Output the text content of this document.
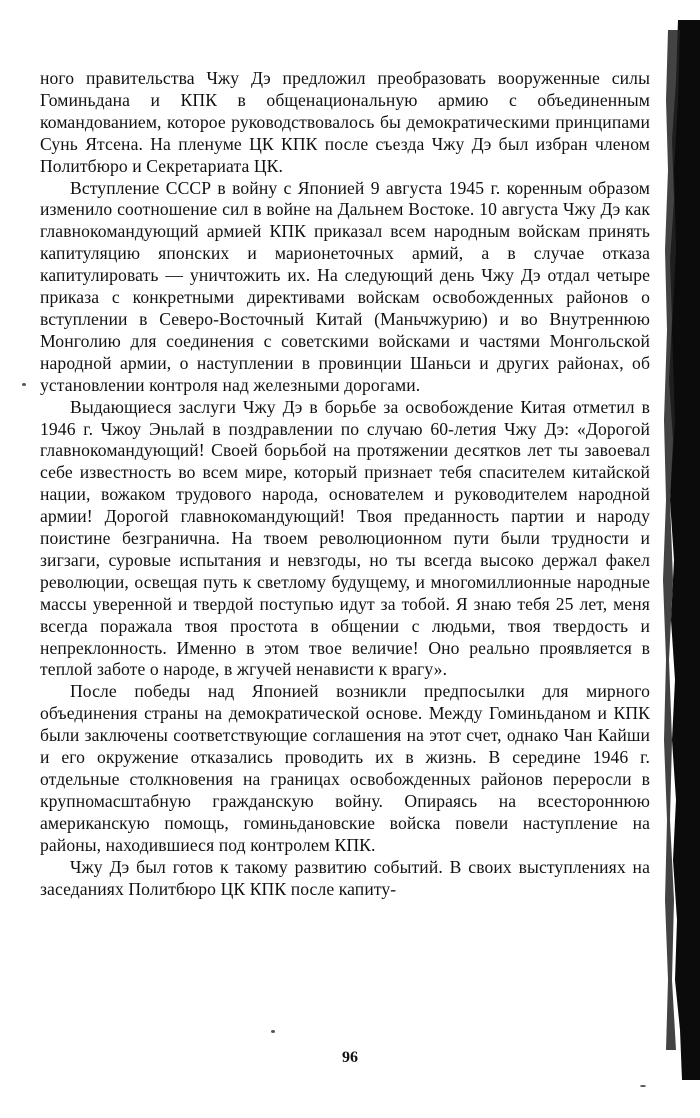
ного правительства Чжу Дэ предложил преобразовать вооруженные силы Гоминьдана и КПК в общенациональную армию с объединенным командованием, которое руководствовалось бы демократическими принципами Сунь Ятсена. На пленуме ЦК КПК после съезда Чжу Дэ был избран членом Политбюро и Секретариата ЦК.

Вступление СССР в войну с Японией 9 августа 1945 г. коренным образом изменило соотношение сил в войне на Дальнем Востоке. 10 августа Чжу Дэ как главнокомандующий армией КПК приказал всем народным войскам принять капитуляцию японских и марионеточных армий, а в случае отказа капитулировать — уничтожить их. На следующий день Чжу Дэ отдал четыре приказа с конкретными директивами войскам освобожденных районов о вступлении в Северо-Восточный Китай (Маньчжурию) и во Внутреннюю Монголию для соединения с советскими войсками и частями Монгольской народной армии, о наступлении в провинции Шаньси и других районах, об установлении контроля над железными дорогами.

Выдающиеся заслуги Чжу Дэ в борьбе за освобождение Китая отметил в 1946 г. Чжоу Эньлай в поздравлении по случаю 60-летия Чжу Дэ: «Дорогой главнокомандующий! Своей борьбой на протяжении десятков лет ты завоевал себе известность во всем мире, который признает тебя спасителем китайской нации, вожаком трудового народа, основателем и руководителем народной армии! Дорогой главнокомандующий! Твоя преданность партии и народу поистине безгранична. На твоем революционном пути были трудности и зигзаги, суровые испытания и невзгоды, но ты всегда высоко держал факел революции, освещая путь к светлому будущему, и многомиллионные народные массы уверенной и твердой поступью идут за тобой. Я знаю тебя 25 лет, меня всегда поражала твоя простота в общении с людьми, твоя твердость и непреклонность. Именно в этом твое величие! Оно реально проявляется в теплой заботе о народе, в жгучей ненависти к врагу».

После победы над Японией возникли предпосылки для мирного объединения страны на демократической основе. Между Гоминьданом и КПК были заключены соответствующие соглашения на этот счет, однако Чан Кайши и его окружение отказались проводить их в жизнь. В середине 1946 г. отдельные столкновения на границах освобожденных районов переросли в крупномасштабную гражданскую войну. Опираясь на всестороннюю американскую помощь, гоминьдановские войска повели наступление на районы, находившиеся под контролем КПК.

Чжу Дэ был готов к такому развитию событий. В своих выступлениях на заседаниях Политбюро ЦК КПК после капиту-

96
